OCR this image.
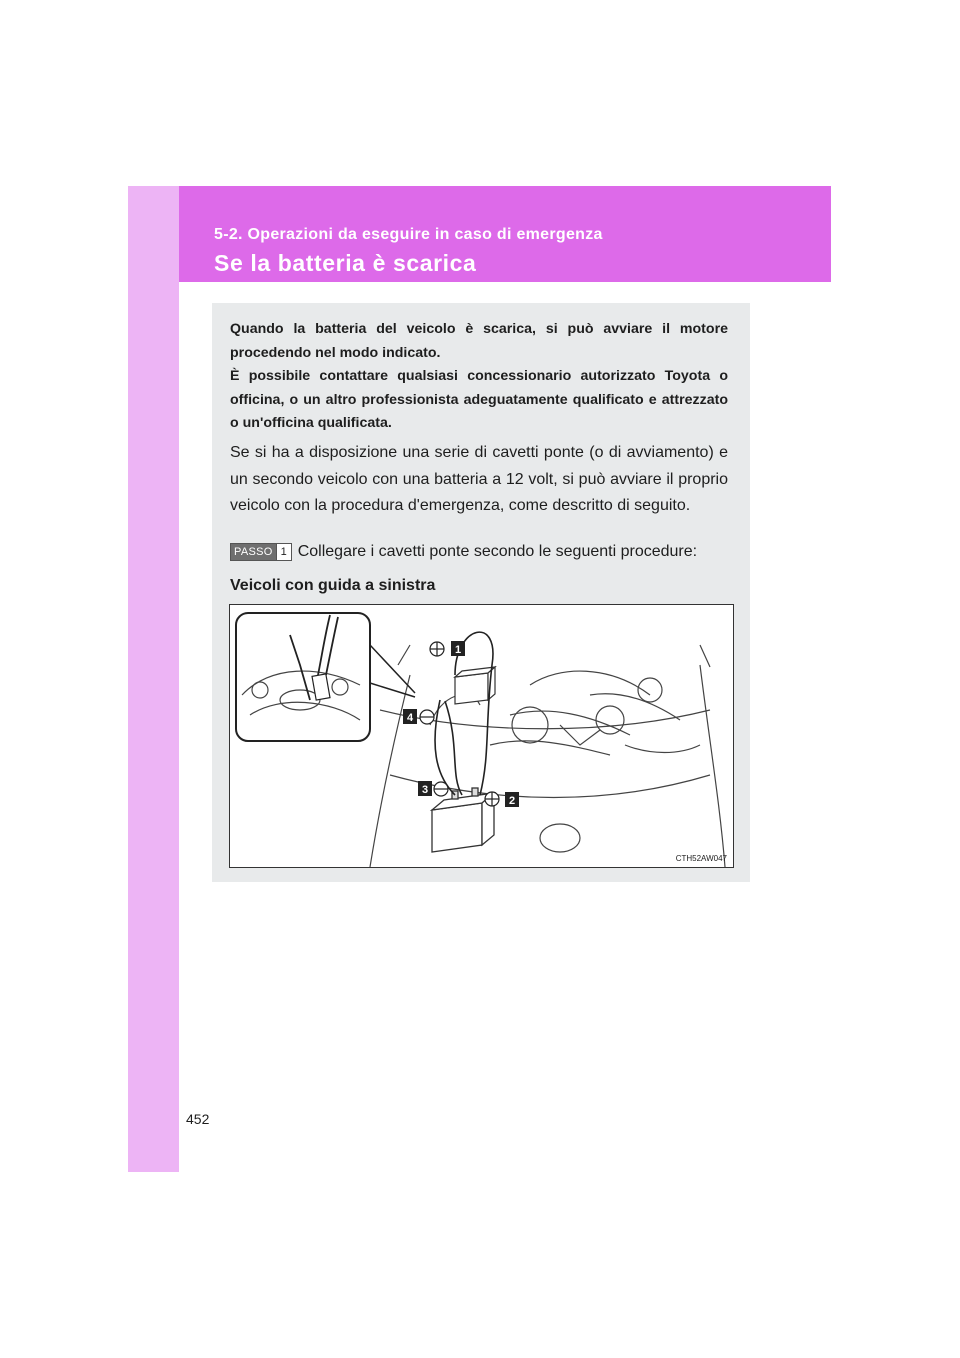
5-2. Operazioni da eseguire in caso di emergenza
Se la batteria è scarica

Quando la batteria del veicolo è scarica, si può avviare il motore procedendo nel modo indicato.

È possibile contattare qualsiasi concessionario autorizzato Toyota o officina, o un altro professionista adeguatamente qualificato e attrezzato o un'officina qualificata.

Se si ha a disposizione una serie di cavetti ponte (o di avviamento) e un secondo veicolo con una batteria a 12 volt, si può avviare il proprio veicolo con la procedura d'emergenza, come descritto di seguito.
PASSO 1 Collegare i cavetti ponte secondo le seguenti procedure:
Veicoli con guida a sinistra
1
4
3
2
CTH52AW047
452
